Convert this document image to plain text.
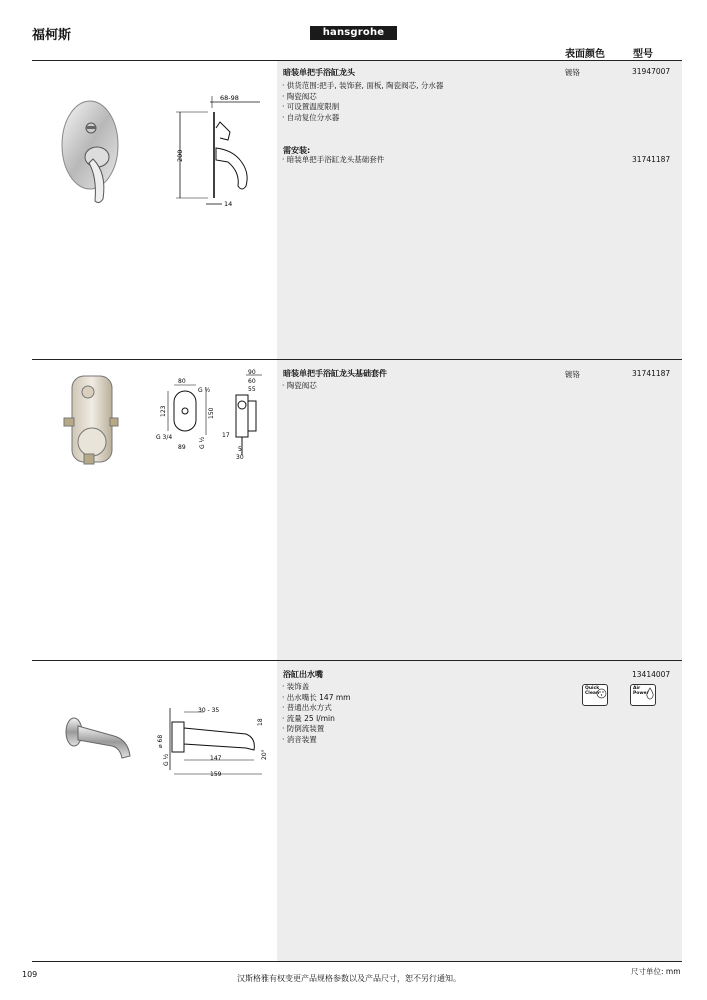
福柯斯	hansgrohe
表面颜色	型号
68-98
200
14
暗装单把手浴缸龙头
· 供货范围:把手, 装饰套, 面板, 陶瓷阀芯, 分水器
· 陶瓷阀芯
· 可设置温度限制
· 自动复位分水器
需安装:
· 暗装单把手浴缸龙头基础套件
镀铬	31947007
31741187
80
G ½
123	150
G 3/4
89 G ½
90
60
55
17
5
30
暗装单把手浴缸龙头基础套件
· 陶瓷阀芯
镀铬	31741187
30 - 35
18
⌀ 68
G ½	147
159
20°
浴缸出水嘴
· 装饰盖
· 出水嘴长 147 mm
· 普通出水方式
· 流量 25 l/min
· 防倒流装置
· 消音装置
13414007
Quick
Clean
Air
Power
109	汉斯格雅有权变更产品规格参数以及产品尺寸，恕不另行通知。
尺寸单位: mm
